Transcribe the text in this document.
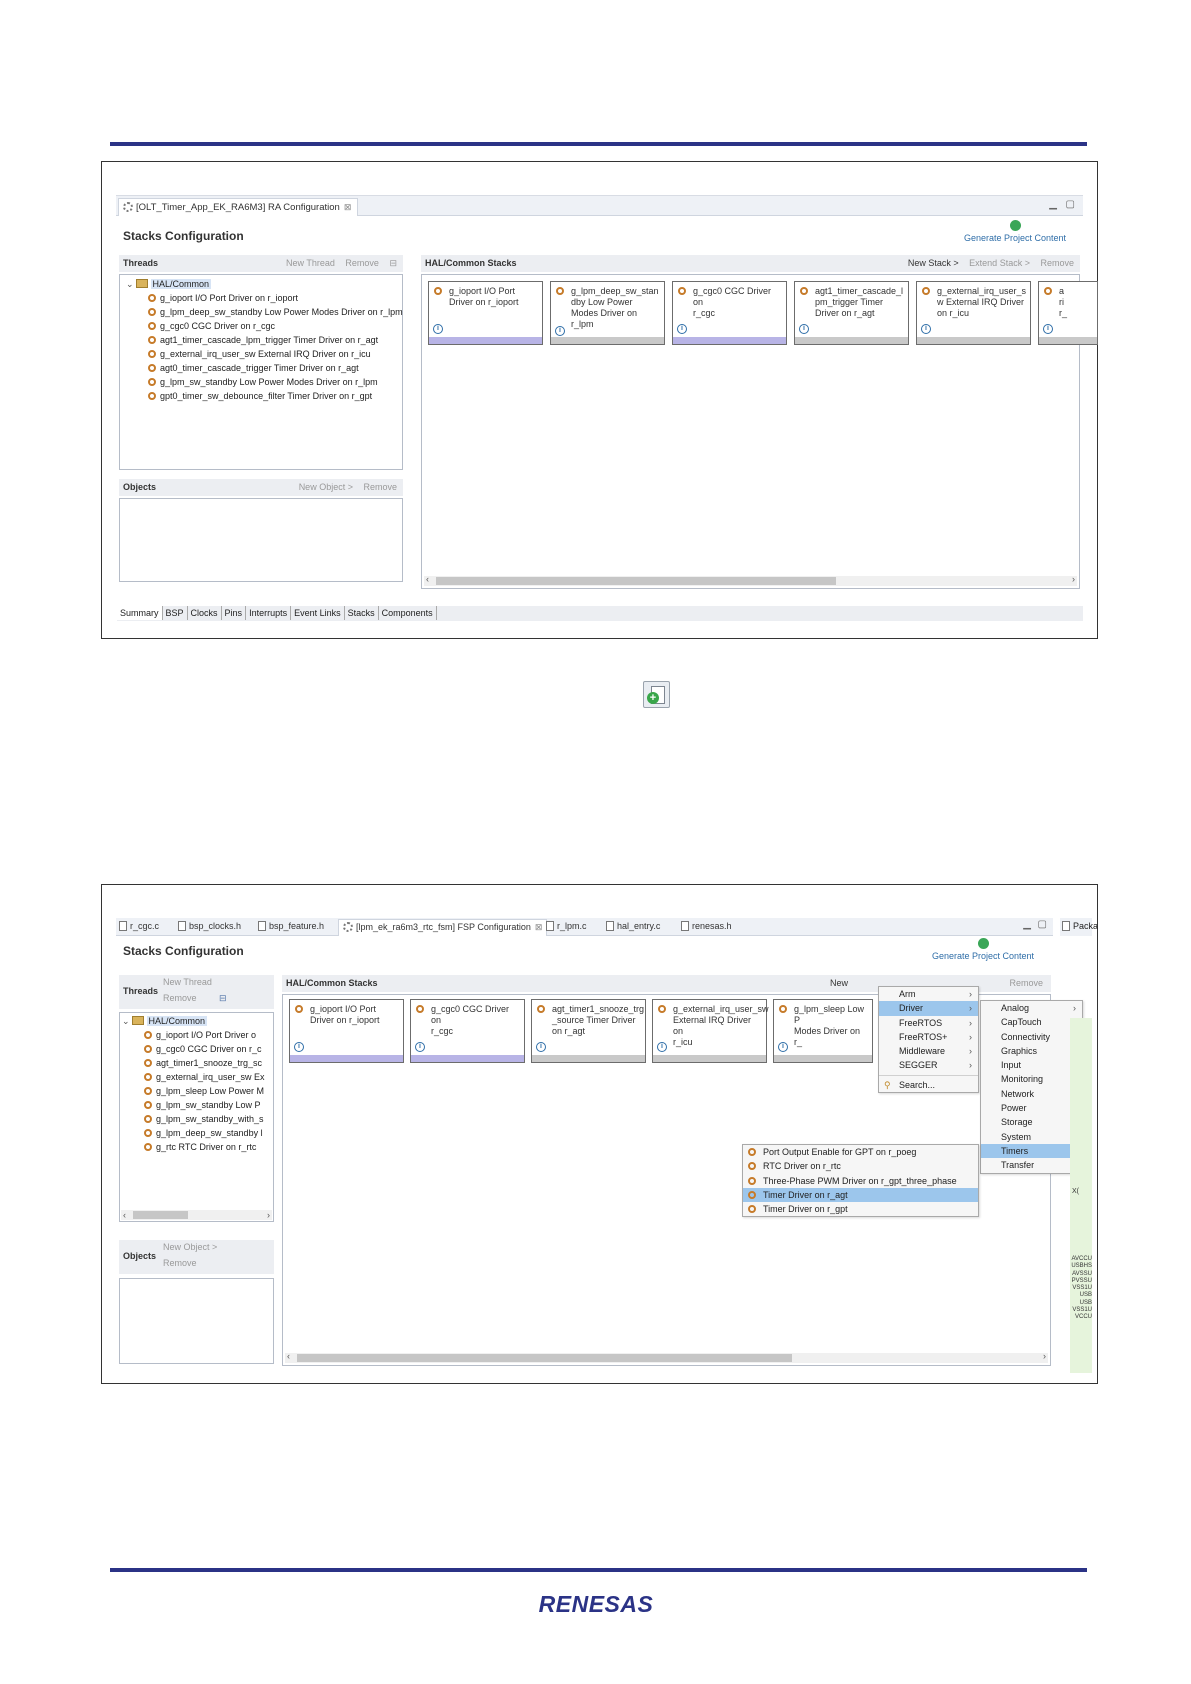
[OLT_Timer_App_EK_RA6M3] RA Configuration ⊠	▁ ▢
Stacks Configuration	Generate Project Content
Threads	New Thread Remove ⊟
⌄ HAL/Common
g_ioport I/O Port Driver on r_ioport
g_lpm_deep_sw_standby Low Power Modes Driver on r_lpm
g_cgc0 CGC Driver on r_cgc
agt1_timer_cascade_lpm_trigger Timer Driver on r_agt
g_external_irq_user_sw External IRQ Driver on r_icu
agt0_timer_cascade_trigger Timer Driver on r_agt
g_lpm_sw_standby Low Power Modes Driver on r_lpm
gpt0_timer_sw_debounce_filter Timer Driver on r_gpt
Objects	New Object > Remove
HAL/Common Stacks	New Stack > Extend Stack > Remove
g_ioport I/O Port
Driver on r_ioport
i
g_lpm_deep_sw_stan
dby Low Power
Modes Driver on
r_lpm
i
g_cgc0 CGC Driver on
r_cgc
i
agt1_timer_cascade_l
pm_trigger Timer
Driver on r_agt
i
g_external_irq_user_s
w External IRQ Driver
on r_icu
i
a
ri
r_
i
‹	›
Summary BSP Clocks Pins Interrupts Event Links Stacks Components
+
r_cgc.c	bsp_clocks.h	bsp_feature.h	[lpm_ek_ra6m3_rtc_fsm] FSP Configuration ⊠	r_lpm.c	hal_entry.c	renesas.h	▁ ▢
Stacks Configuration	Generate Project Content
Threads
New Thread
Remove ⊟
⌄ HAL/Common
g_ioport I/O Port Driver o
g_cgc0 CGC Driver on r_c
agt_timer1_snooze_trg_sc
g_external_irq_user_sw Ex
g_lpm_sleep Low Power M
g_lpm_sw_standby Low P
g_lpm_sw_standby_with_s
g_lpm_deep_sw_standby l
g_rtc RTC Driver on r_rtc
‹	›
Objects
New Object >
Remove
HAL/Common Stacks	New	Remove
g_ioport I/O Port
Driver on r_ioport
i
g_cgc0 CGC Driver on
r_cgc
i
agt_timer1_snooze_trg
_source Timer Driver
on r_agt
i
g_external_irq_user_sw
External IRQ Driver on
r_icu
i
g_lpm_sleep Low P
Modes Driver on r_
i
‹	›
Arm	›
Driver	›
FreeRTOS	›
FreeRTOS+ ›
Middleware	›
SEGGER	›
⚲ Search...
Analog	›
CapTouch
Connectivity
Graphics
Input
Monitoring
Network
Power
Storage
System
Timers
Transfer
Port Output Enable for GPT on r_poeg
RTC Driver on r_rtc
Three-Phase PWM Driver on r_gpt_three_phase
Timer Driver on r_agt
Timer Driver on r_gpt
Packa
X(
AVCCU
USBHS
AVSSU
PVSSU
VSS1U
USB
USB
VSS1U
VCCU
RENESAS
